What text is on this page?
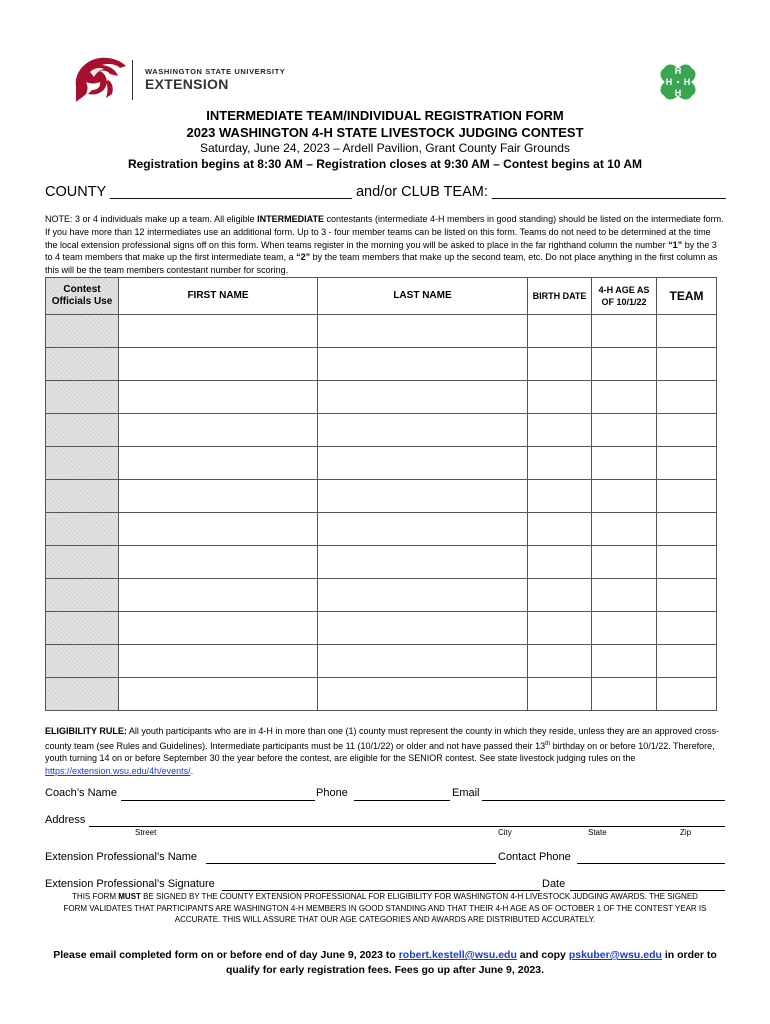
WASHINGTON STATE UNIVERSITY
EXTENSION
H
H
H
H
INTERMEDIATE TEAM/INDIVIDUAL REGISTRATION FORM
2023 WASHINGTON 4-H STATE LIVESTOCK JUDGING CONTEST
Saturday, June 24, 2023 – Ardell Pavilion, Grant County Fair Grounds
Registration begins at 8:30 AM – Registration closes at 9:30 AM – Contest begins at 10 AM
COUNTY ______________________________ and/or CLUB TEAM: _____________________________
NOTE: 3 or 4 individuals make up a team. All eligible INTERMEDIATE contestants (intermediate 4-H members in good standing) should be listed on the intermediate form. If you have more than 12 intermediates use an additional form. Up to 3 - four member teams can be listed on this form. Teams do not need to be determined at the time the local extension professional signs off on this form. When teams register in the morning you will be asked to place in the far righthand column the number “1” by the 3 to 4 team members that make up the first intermediate team, a “2” by the team members that make up the second team, etc. Do not place anything in the first column as this will be the team members contestant number for scoring.
Contest Officials Use	FIRST NAME	LAST NAME	BIRTH DATE	4-H AGE AS OF 10/1/22	TEAM

ELIGIBILITY RULE: All youth participants who are in 4-H in more than one (1) county must represent the county in which they reside, unless they are an approved cross-county team (see Rules and Guidelines). Intermediate participants must be 11 (10/1/22) or older and not have passed their 13th birthday on or before 10/1/22. Therefore, youth turning 14 on or before September 30 the year before the contest, are eligible for the SENIOR contest. See state livestock judging rules on the https://extension.wsu.edu/4h/events/.
Coach’s Name	Phone	Email
Address
Street	City	State	Zip
Extension Professional’s Name	Contact Phone
Extension Professional’s Signature	Date
THIS FORM MUST BE SIGNED BY THE COUNTY EXTENSION PROFESSIONAL FOR ELIGIBILITY FOR WASHINGTON 4-H LIVESTOCK JUDGING AWARDS. THE SIGNED FORM VALIDATES THAT PARTICIPANTS ARE WASHINGTON 4-H MEMBERS IN GOOD STANDING AND THAT THEIR 4-H AGE AS OF OCTOBER 1 OF THE CONTEST YEAR IS ACCURATE. THIS WILL ASSURE THAT OUR AGE CATEGORIES AND AWARDS ARE DISTRIBUTED ACCURATELY.
Please email completed form on or before end of day June 9, 2023 to robert.kestell@wsu.edu and copy pskuber@wsu.edu in order to qualify for early registration fees. Fees go up after June 9, 2023.
